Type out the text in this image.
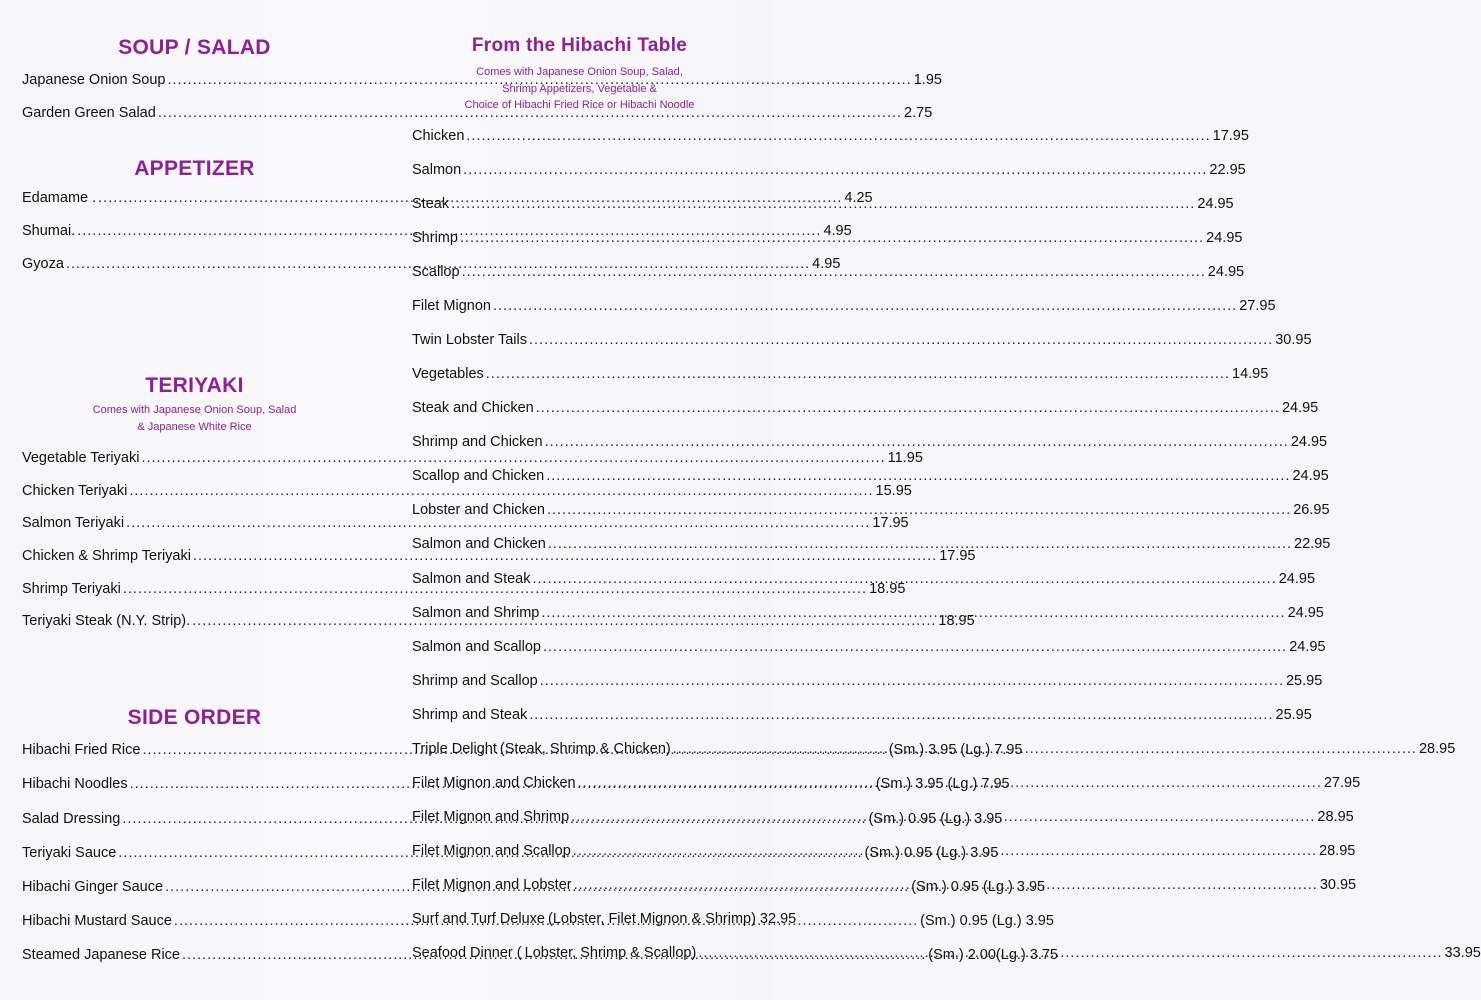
SOUP / SALAD
Japanese Onion Soup .....	1.95
Garden Green Salad .....	2.75
APPETIZER
Edamame . .....	4.25
Shumai. .....	4.95
Gyoza .....	4.95
TERIYAKI
Comes with Japanese Onion Soup, Salad
& Japanese White Rice
Vegetable Teriyaki .....	11.95
Chicken Teriyaki .....	15.95
Salmon Teriyaki .....	17.95
Chicken & Shrimp Teriyaki .....	17.95
Shrimp Teriyaki .....	18.95
Teriyaki Steak (N.Y. Strip). .....	18.95
SIDE ORDER
Hibachi Fried Rice .....	(Sm.) 3.95 (Lg.) 7.95
Hibachi Noodles .....	(Sm.) 3.95 (Lg.) 7.95
Salad Dressing .....	(Sm.) 0.95 (Lg.) 3.95
Teriyaki Sauce .....	(Sm.) 0.95 (Lg.) 3.95
Hibachi Ginger Sauce .....	(Sm.) 0.95 (Lg.) 3.95
Hibachi Mustard Sauce .....	(Sm.) 0.95 (Lg.) 3.95
Steamed Japanese Rice .....	(Sm.) 2.00(Lg.) 3.75
From the Hibachi Table
Comes with Japanese Onion Soup, Salad,
Shrimp Appetizers, Vegetable &
Choice of Hibachi Fried Rice or Hibachi Noodle
Chicken .....	17.95
Salmon .....	22.95
Steak .....	24.95
Shrimp .....	24.95
Scallop .....	24.95
Filet Mignon .....	27.95
Twin Lobster Tails .....	30.95
Vegetables .....	14.95
Steak and Chicken .....	24.95
Shrimp and Chicken .....	24.95
Scallop and Chicken .....	24.95
Lobster and Chicken .....	26.95
Salmon and Chicken .....	22.95
Salmon and Steak .....	24.95
Salmon and Shrimp .....	24.95
Salmon and Scallop .....	24.95
Shrimp and Scallop .....	25.95
Shrimp and Steak .....	25.95
Triple Delight (Steak, Shrimp & Chicken) .....	28.95
Filet Mignon and Chicken .....	27.95
Filet Mignon and Shrimp .....	28.95
Filet Mignon and Scallop .....	28.95
Filet Mignon and Lobster .....	30.95
Surf and Turf Deluxe (Lobster, Filet Mignon & Shrimp) 32.95
Seafood Dinner ( Lobster, Shrimp & Scallop) .....	33.95
